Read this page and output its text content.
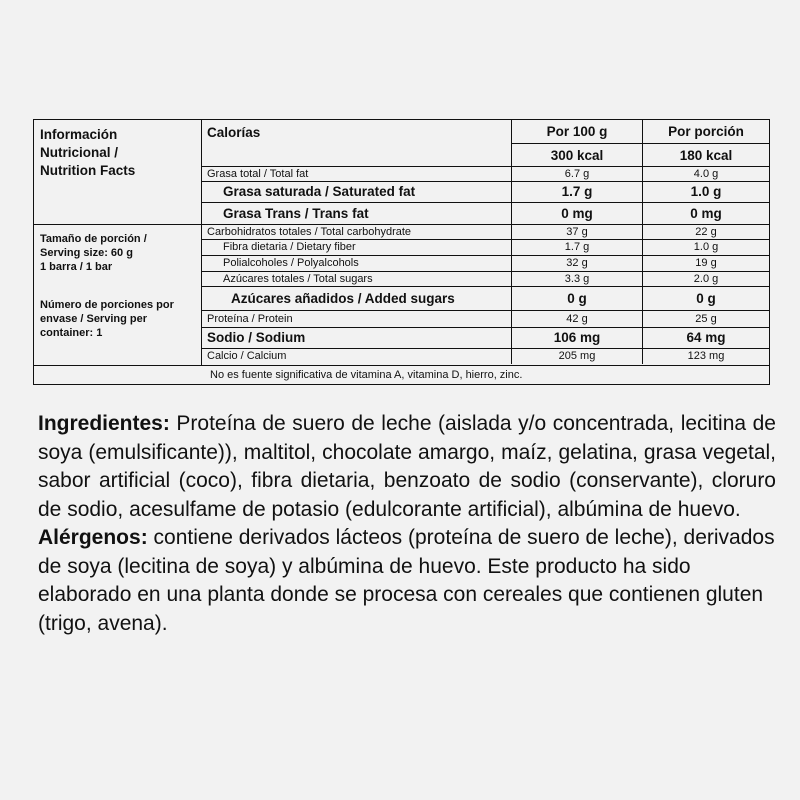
Información
Nutricional /
Nutrition Facts
Tamaño de porción /
Serving size: 60 g
1 barra / 1 bar
Número de porciones por
envase / Serving per
container: 1
Calorías	Por 100 g	Por porción
300 kcal	180 kcal
Grasa total / Total fat	6.7 g	4.0 g
Grasa saturada / Saturated fat	1.7 g	1.0 g
Grasa Trans / Trans fat	0 mg	0 mg
Carbohidratos totales / Total carbohydrate	37 g	22 g
Fibra dietaria / Dietary fiber	1.7 g	1.0 g
Polialcoholes / Polyalcohols	32 g	19 g
Azúcares totales / Total sugars	3.3 g	2.0 g
Azúcares añadidos / Added sugars	0 g	0 g
Proteína / Protein	42 g	25 g
Sodio / Sodium	106 mg	64 mg
Calcio / Calcium	205 mg	123 mg
No es fuente significativa de vitamina A, vitamina D, hierro, zinc.

Ingredientes: Proteína de suero de leche (aislada y/o concentrada, lecitina de soya (emulsificante)), maltitol, chocolate amargo, maíz, gelatina, grasa vegetal, sabor artificial (coco), fibra dietaria, benzoato de sodio (conservante), cloruro de sodio, acesulfame de potasio (edulcorante artificial), albúmina de huevo.

Alérgenos: contiene derivados lácteos (proteína de suero de leche), derivados de soya (lecitina de soya) y albúmina de huevo. Este producto ha sido elaborado en una planta donde se procesa con cereales que contienen gluten (trigo, avena).
